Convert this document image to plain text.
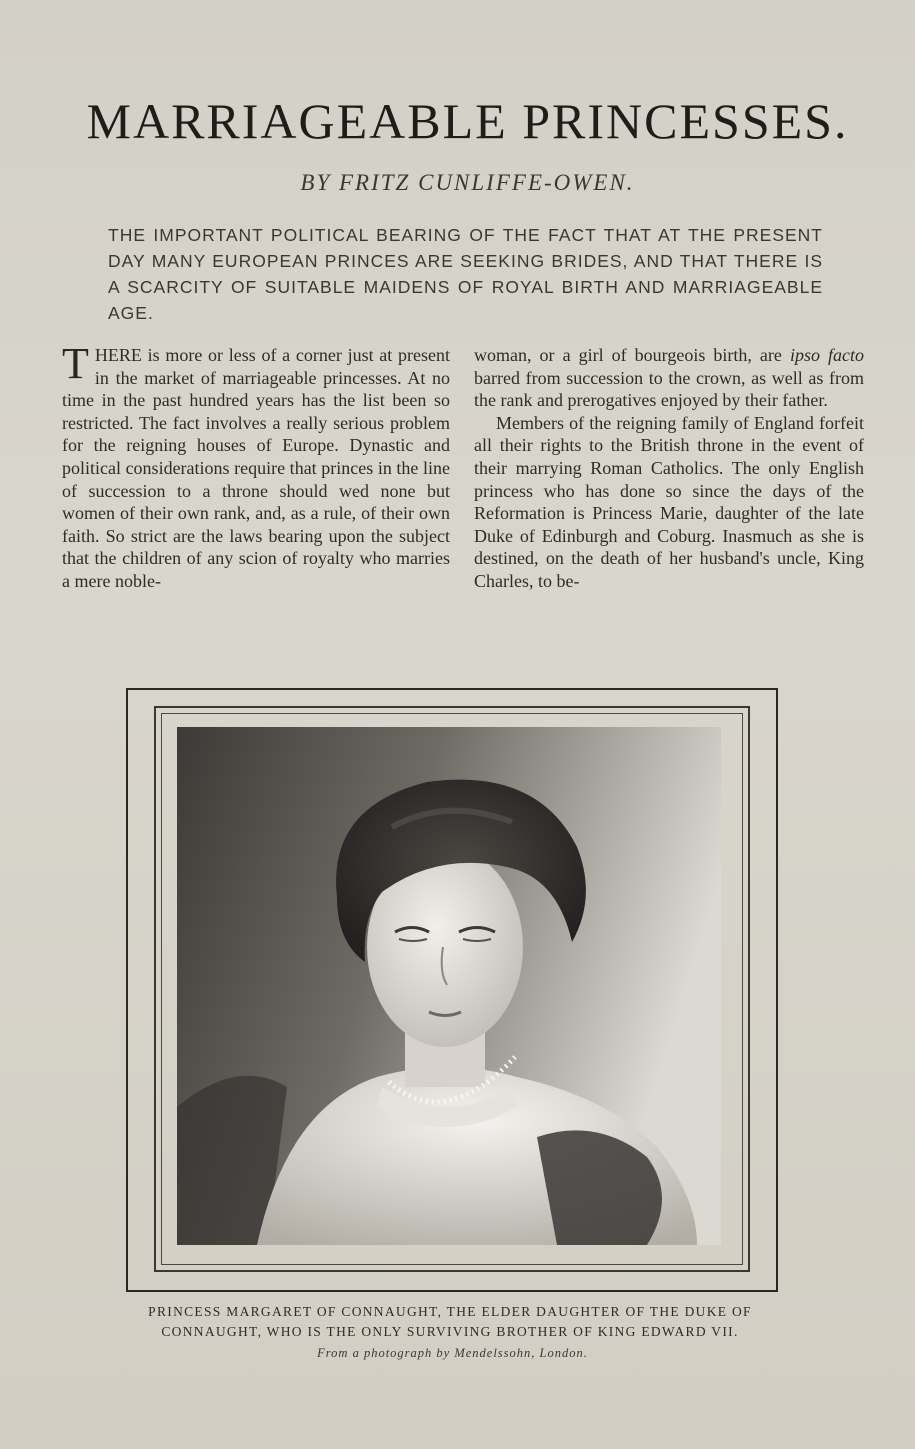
MARRIAGEABLE PRINCESSES.
BY FRITZ CUNLIFFE-OWEN.
THE IMPORTANT POLITICAL BEARING OF THE FACT THAT AT THE PRESENT DAY MANY EUROPEAN PRINCES ARE SEEKING BRIDES, AND THAT THERE IS A SCARCITY OF SUITABLE MAIDENS OF ROYAL BIRTH AND MARRIAGEABLE AGE.

THERE is more or less of a corner just at present in the market of marriageable princesses. At no time in the past hundred years has the list been so restricted. The fact involves a really serious problem for the reigning houses of Europe. Dynastic and political considerations require that princes in the line of succession to a throne should wed none but women of their own rank, and, as a rule, of their own faith. So strict are the laws bearing upon the subject that the children of any scion of royalty who marries a mere noble-

woman, or a girl of bourgeois birth, are ipso facto barred from succession to the crown, as well as from the rank and prerogatives enjoyed by their father.

Members of the reigning family of England forfeit all their rights to the British throne in the event of their marrying Roman Catholics. The only English princess who has done so since the days of the Reformation is Princess Marie, daughter of the late Duke of Edinburgh and Coburg. Inasmuch as she is destined, on the death of her husband's uncle, King Charles, to be-

PRINCESS MARGARET OF CONNAUGHT, THE ELDER DAUGHTER OF THE DUKE OF CONNAUGHT, WHO IS THE ONLY SURVIVING BROTHER OF KING EDWARD VII.
From a photograph by Mendelssohn, London.
